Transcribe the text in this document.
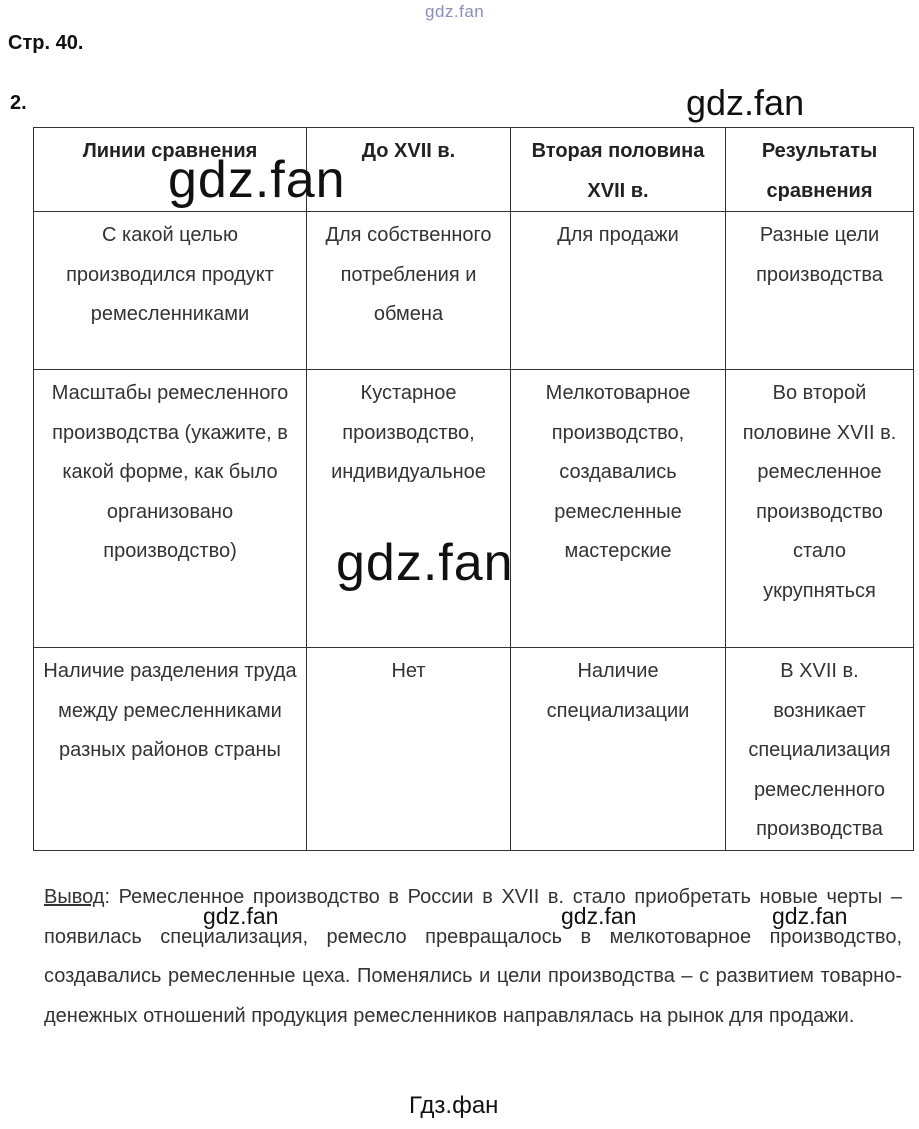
gdz.fan
Стр. 40.
2.	gdz.fan
Линии сравнения	До XVII в.	Вторая половина XVII в.	Результаты сравнения
С какой целью производился продукт ремесленниками	Для собственного потребления и обмена	Для продажи	Разные цели производства
Масштабы ремесленного производства (укажите, в какой форме, как было организовано производство)	Кустарное производство, индивидуальное	Мелкотоварное производство, создавались ремесленные мастерские	Во второй половине XVII в. ремесленное производство стало укрупняться
Наличие разделения труда между ремесленниками разных районов страны	Нет	Наличие специализации	В XVII в. возникает специализация ремесленного производства
gdz.fan
gdz.fan
Вывод: Ремесленное производство в России в XVII в. стало приобретать новые черты – появилась специализация, ремесло превращалось в мелкотоварное производство, создавались ремесленные цеха. Поменялись и цели производства – с развитием товарно-денежных отношений продукция ремесленников направлялась на рынок для продажи.
gdz.fan	gdz.fan	gdz.fan
Гдз.фан
